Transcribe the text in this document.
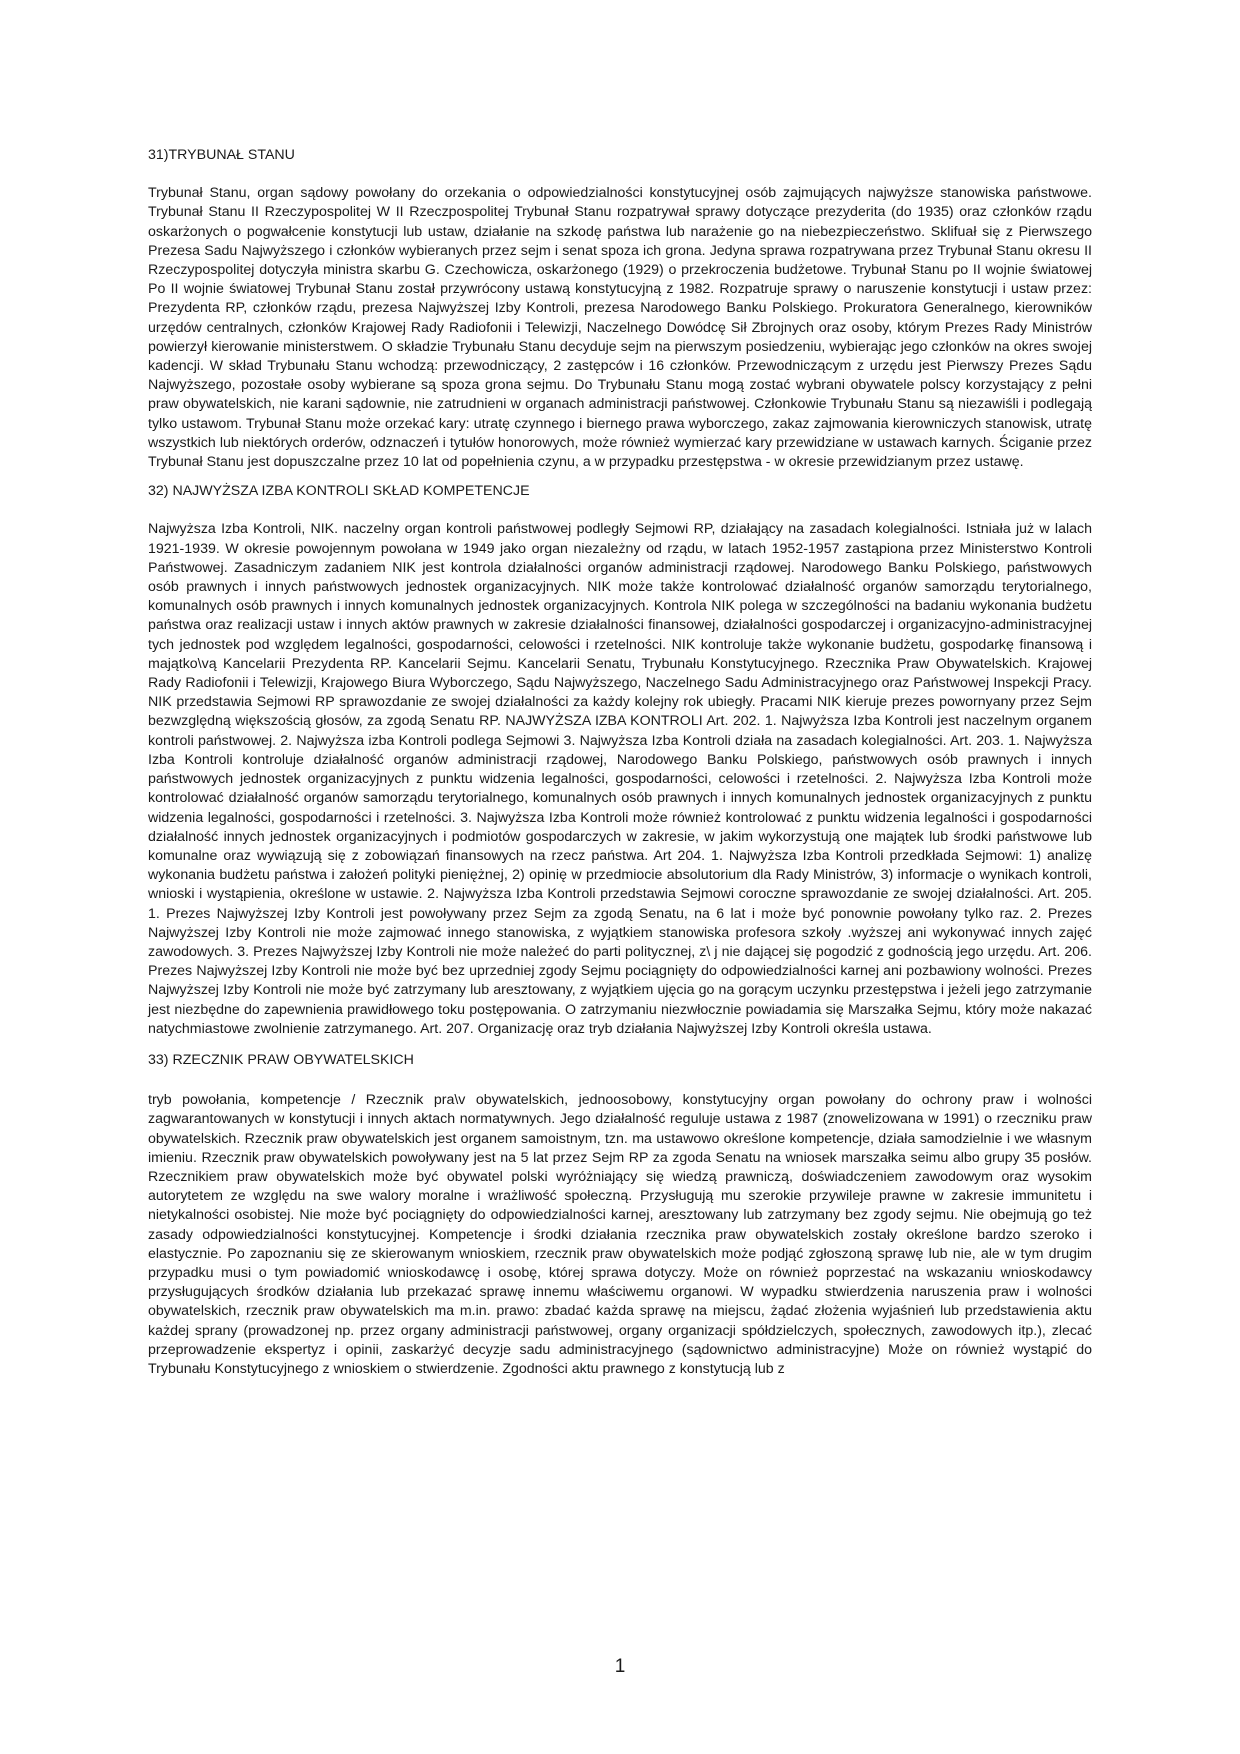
31)TRYBUNAŁ STANU

Trybunał Stanu, organ sądowy powołany do orzekania o odpowiedzialności konstytucyjnej osób zajmujących najwyższe stanowiska państwowe. Trybunał Stanu II Rzeczypospolitej W II Rzeczpospolitej Trybunał Stanu rozpatrywał sprawy dotyczące prezyderita (do 1935) oraz członków rządu oskarżonych o pogwałcenie konstytucji lub ustaw, działanie na szkodę państwa lub narażenie go na niebezpieczeństwo. Sklifuał się z Pierwszego Prezesa Sadu Najwyższego i członków wybieranych przez sejm i senat spoza ich grona. Jedyna sprawa rozpatrywana przez Trybunał Stanu okresu II Rzeczypospolitej dotyczyła ministra skarbu G. Czechowicza, oskarżonego (1929) o przekroczenia budżetowe. Trybunał Stanu po II wojnie światowej Po II wojnie światowej Trybunał Stanu został przywrócony ustawą konstytucyjną z 1982. Rozpatruje sprawy o naruszenie konstytucji i ustaw przez: Prezydenta RP, członków rządu, prezesa Najwyższej Izby Kontroli, prezesa Narodowego Banku Polskiego. Prokuratora Generalnego, kierowników urzędów centralnych, członków Krajowej Rady Radiofonii i Telewizji, Naczelnego Dowódcę Sił Zbrojnych oraz osoby, którym Prezes Rady Ministrów powierzył kierowanie ministerstwem. O składzie Trybunału Stanu decyduje sejm na pierwszym posiedzeniu, wybierając jego członków na okres swojej kadencji. W skład Trybunału Stanu wchodzą: przewodniczący, 2 zastępców i 16 członków. Przewodniczącym z urzędu jest Pierwszy Prezes Sądu Najwyższego, pozostałe osoby wybierane są spoza grona sejmu. Do Trybunału Stanu mogą zostać wybrani obywatele polscy korzystający z pełni praw obywatelskich, nie karani sądownie, nie zatrudnieni w organach administracji państwowej. Członkowie Trybunału Stanu są niezawiśli i podlegają tylko ustawom. Trybunał Stanu może orzekać kary: utratę czynnego i biernego prawa wyborczego, zakaz zajmowania kierowniczych stanowisk, utratę wszystkich lub niektórych orderów, odznaczeń i tytułów honorowych, może również wymierzać kary przewidziane w ustawach karnych. Ściganie przez Trybunał Stanu jest dopuszczalne przez 10 lat od popełnienia czynu, a w przypadku przestępstwa - w okresie przewidzianym przez ustawę.

32) NAJWYŻSZA IZBA KONTROLI SKŁAD KOMPETENCJE

Najwyższa Izba Kontroli, NIK. naczelny organ kontroli państwowej podległy Sejmowi RP, działający na zasadach kolegialności. Istniała już w lalach 1921-1939. W okresie powojennym powołana w 1949 jako organ niezależny od rządu, w latach 1952-1957 zastąpiona przez Ministerstwo Kontroli Państwowej. Zasadniczym zadaniem NIK jest kontrola działalności organów administracji rządowej. Narodowego Banku Polskiego, państwowych osób prawnych i innych państwowych jednostek organizacyjnych. NIK może także kontrolować działalność organów samorządu terytorialnego, komunalnych osób prawnych i innych komunalnych jednostek organizacyjnych. Kontrola NIK polega w szczególności na badaniu wykonania budżetu państwa oraz realizacji ustaw i innych aktów prawnych w zakresie działalności finansowej, działalności gospodarczej i organizacyjno-administracyjnej tych jednostek pod względem legalności, gospodarności, celowości i rzetelności. NIK kontroluje także wykonanie budżetu, gospodarkę finansową i majątko\vą Kancelarii Prezydenta RP. Kancelarii Sejmu. Kancelarii Senatu, Trybunału Konstytucyjnego. Rzecznika Praw Obywatelskich. Krajowej Rady Radiofonii i Telewizji, Krajowego Biura Wyborczego, Sądu Najwyższego, Naczelnego Sadu Administracyjnego oraz Państwowej Inspekcji Pracy. NIK przedstawia Sejmowi RP sprawozdanie ze swojej działalności za każdy kolejny rok ubiegły. Pracami NIK kieruje prezes powornyany przez Sejm bezwzględną większością głosów, za zgodą Senatu RP. NAJWYŻSZA IZBA KONTROLI Art. 202. 1. Najwyższa Izba Kontroli jest naczelnym organem kontroli państwowej. 2. Najwyższa izba Kontroli podlega Sejmowi 3. Najwyższa Izba Kontroli działa na zasadach kolegialności. Art. 203. 1. Najwyższa Izba Kontroli kontroluje działalność organów administracji rządowej, Narodowego Banku Polskiego, państwowych osób prawnych i innych państwowych jednostek organizacyjnych z punktu widzenia legalności, gospodarności, celowości i rzetelności. 2. Najwyższa Izba Kontroli może kontrolować działalność organów samorządu terytorialnego, komunalnych osób prawnych i innych komunalnych jednostek organizacyjnych z punktu widzenia legalności, gospodarności i rzetelności. 3. Najwyższa Izba Kontroli może również kontrolować z punktu widzenia legalności i gospodarności działalność innych jednostek organizacyjnych i podmiotów gospodarczych w zakresie, w jakim wykorzystują one majątek lub środki państwowe lub komunalne oraz wywiązują się z zobowiązań finansowych na rzecz państwa. Art 204. 1. Najwyższa Izba Kontroli przedkłada Sejmowi: 1) analizę wykonania budżetu państwa i założeń polityki pieniężnej, 2) opinię w przedmiocie absolutorium dla Rady Ministrów, 3) informacje o wynikach kontroli, wnioski i wystąpienia, określone w ustawie. 2. Najwyższa Izba Kontroli przedstawia Sejmowi coroczne sprawozdanie ze swojej działalności. Art. 205. 1. Prezes Najwyższej Izby Kontroli jest powoływany przez Sejm za zgodą Senatu, na 6 lat i może być ponownie powołany tylko raz. 2. Prezes Najwyższej Izby Kontroli nie może zajmować innego stanowiska, z wyjątkiem stanowiska profesora szkoły .wyższej ani wykonywać innych zajęć zawodowych. 3. Prezes Najwyższej Izby Kontroli nie może należeć do parti politycznej, z\ j nie dającej się pogodzić z godnością jego urzędu. Art. 206. Prezes Najwyższej Izby Kontroli nie może być bez uprzedniej zgody Sejmu pociągnięty do odpowiedzialności karnej ani pozbawiony wolności. Prezes Najwyższej Izby Kontroli nie może być zatrzymany lub aresztowany, z wyjątkiem ujęcia go na gorącym uczynku przestępstwa i jeżeli jego zatrzymanie jest niezbędne do zapewnienia prawidłowego toku postępowania. O zatrzymaniu niezwłocznie powiadamia się Marszałka Sejmu, który może nakazać natychmiastowe zwolnienie zatrzymanego. Art. 207. Organizację oraz tryb działania Najwyższej Izby Kontroli określa ustawa.

33) RZECZNIK PRAW OBYWATELSKICH

tryb powołania, kompetencje / Rzecznik pra\v obywatelskich, jednoosobowy, konstytucyjny organ powołany do ochrony praw i wolności zagwarantowanych w konstytucji i innych aktach normatywnych. Jego działalność reguluje ustawa z 1987 (znowelizowana w 1991) o rzeczniku praw obywatelskich. Rzecznik praw obywatelskich jest organem samoistnym, tzn. ma ustawowo określone kompetencje, działa samodzielnie i we własnym imieniu. Rzecznik praw obywatelskich powoływany jest na 5 lat przez Sejm RP za zgoda Senatu na wniosek marszałka seimu albo grupy 35 posłów. Rzecznikiem praw obywatelskich może być obywatel polski wyróżniający się wiedzą prawniczą, doświadczeniem zawodowym oraz wysokim autorytetem ze względu na swe walory moralne i wrażliwość społeczną. Przysługują mu szerokie przywileje prawne w zakresie immunitetu i nietykalności osobistej. Nie może być pociągnięty do odpowiedzialności karnej, aresztowany lub zatrzymany bez zgody sejmu. Nie obejmują go też zasady odpowiedzialności konstytucyjnej. Kompetencje i środki działania rzecznika praw obywatelskich zostały określone bardzo szeroko i elastycznie. Po zapoznaniu się ze skierowanym wnioskiem, rzecznik praw obywatelskich może podjąć zgłoszoną sprawę lub nie, ale w tym drugim przypadku musi o tym powiadomić wnioskodawcę i osobę, której sprawa dotyczy. Może on również poprzestać na wskazaniu wnioskodawcy przysługujących środków działania lub przekazać sprawę innemu właściwemu organowi. W wypadku stwierdzenia naruszenia praw i wolności obywatelskich, rzecznik praw obywatelskich ma m.in. prawo: zbadać każda sprawę na miejscu, żądać złożenia wyjaśnień lub przedstawienia aktu każdej sprany (prowadzonej np. przez organy administracji państwowej, organy organizacji spółdzielczych, społecznych, zawodowych itp.), zlecać przeprowadzenie ekspertyz i opinii, zaskarżyć decyzje sadu administracyjnego (sądownictwo administracyjne) Może on również wystąpić do Trybunału Konstytucyjnego z wnioskiem o stwierdzenie. Zgodności aktu prawnego z konstytucją lub z

1
